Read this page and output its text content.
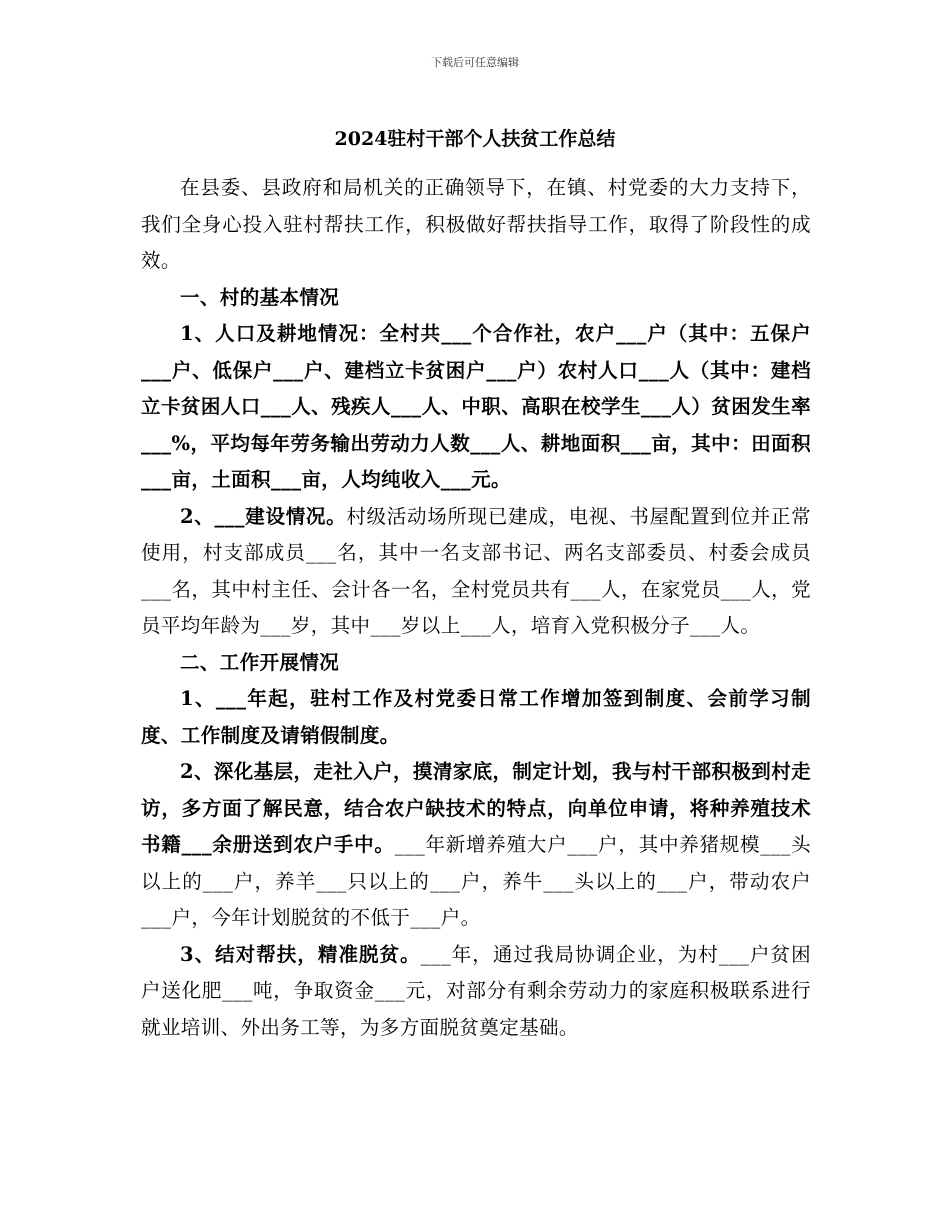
下载后可任意编辑
2024驻村干部个人扶贫工作总结

在县委、县政府和局机关的正确领导下，在镇、村党委的大力支持下，我们全身心投入驻村帮扶工作，积极做好帮扶指导工作，取得了阶段性的成效。

一、村的基本情况

1、人口及耕地情况：全村共___个合作社，农户___户（其中：五保户___户、低保户___户、建档立卡贫困户___户）农村人口___人（其中：建档立卡贫困人口___人、残疾人___人、中职、高职在校学生___人）贫困发生率___%，平均每年劳务输出劳动力人数___人、耕地面积___亩，其中：田面积___亩，土面积___亩，人均纯收入___元。

2、___建设情况。村级活动场所现已建成，电视、书屋配置到位并正常使用，村支部成员___名，其中一名支部书记、两名支部委员、村委会成员___名，其中村主任、会计各一名，全村党员共有___人，在家党员___人，党员平均年龄为___岁，其中___岁以上___人，培育入党积极分子___人。

二、工作开展情况

1、___年起，驻村工作及村党委日常工作增加签到制度、会前学习制度、工作制度及请销假制度。

2、深化基层，走社入户，摸清家底，制定计划，我与村干部积极到村走访，多方面了解民意，结合农户缺技术的特点，向单位申请，将种养殖技术书籍___余册送到农户手中。___年新增养殖大户___户，其中养猪规模___头以上的___户，养羊___只以上的___户，养牛___头以上的___户，带动农户___户，今年计划脱贫的不低于___户。

3、结对帮扶，精准脱贫。___年，通过我局协调企业，为村___户贫困户送化肥___吨，争取资金___元，对部分有剩余劳动力的家庭积极联系进行就业培训、外出务工等，为多方面脱贫奠定基础。
